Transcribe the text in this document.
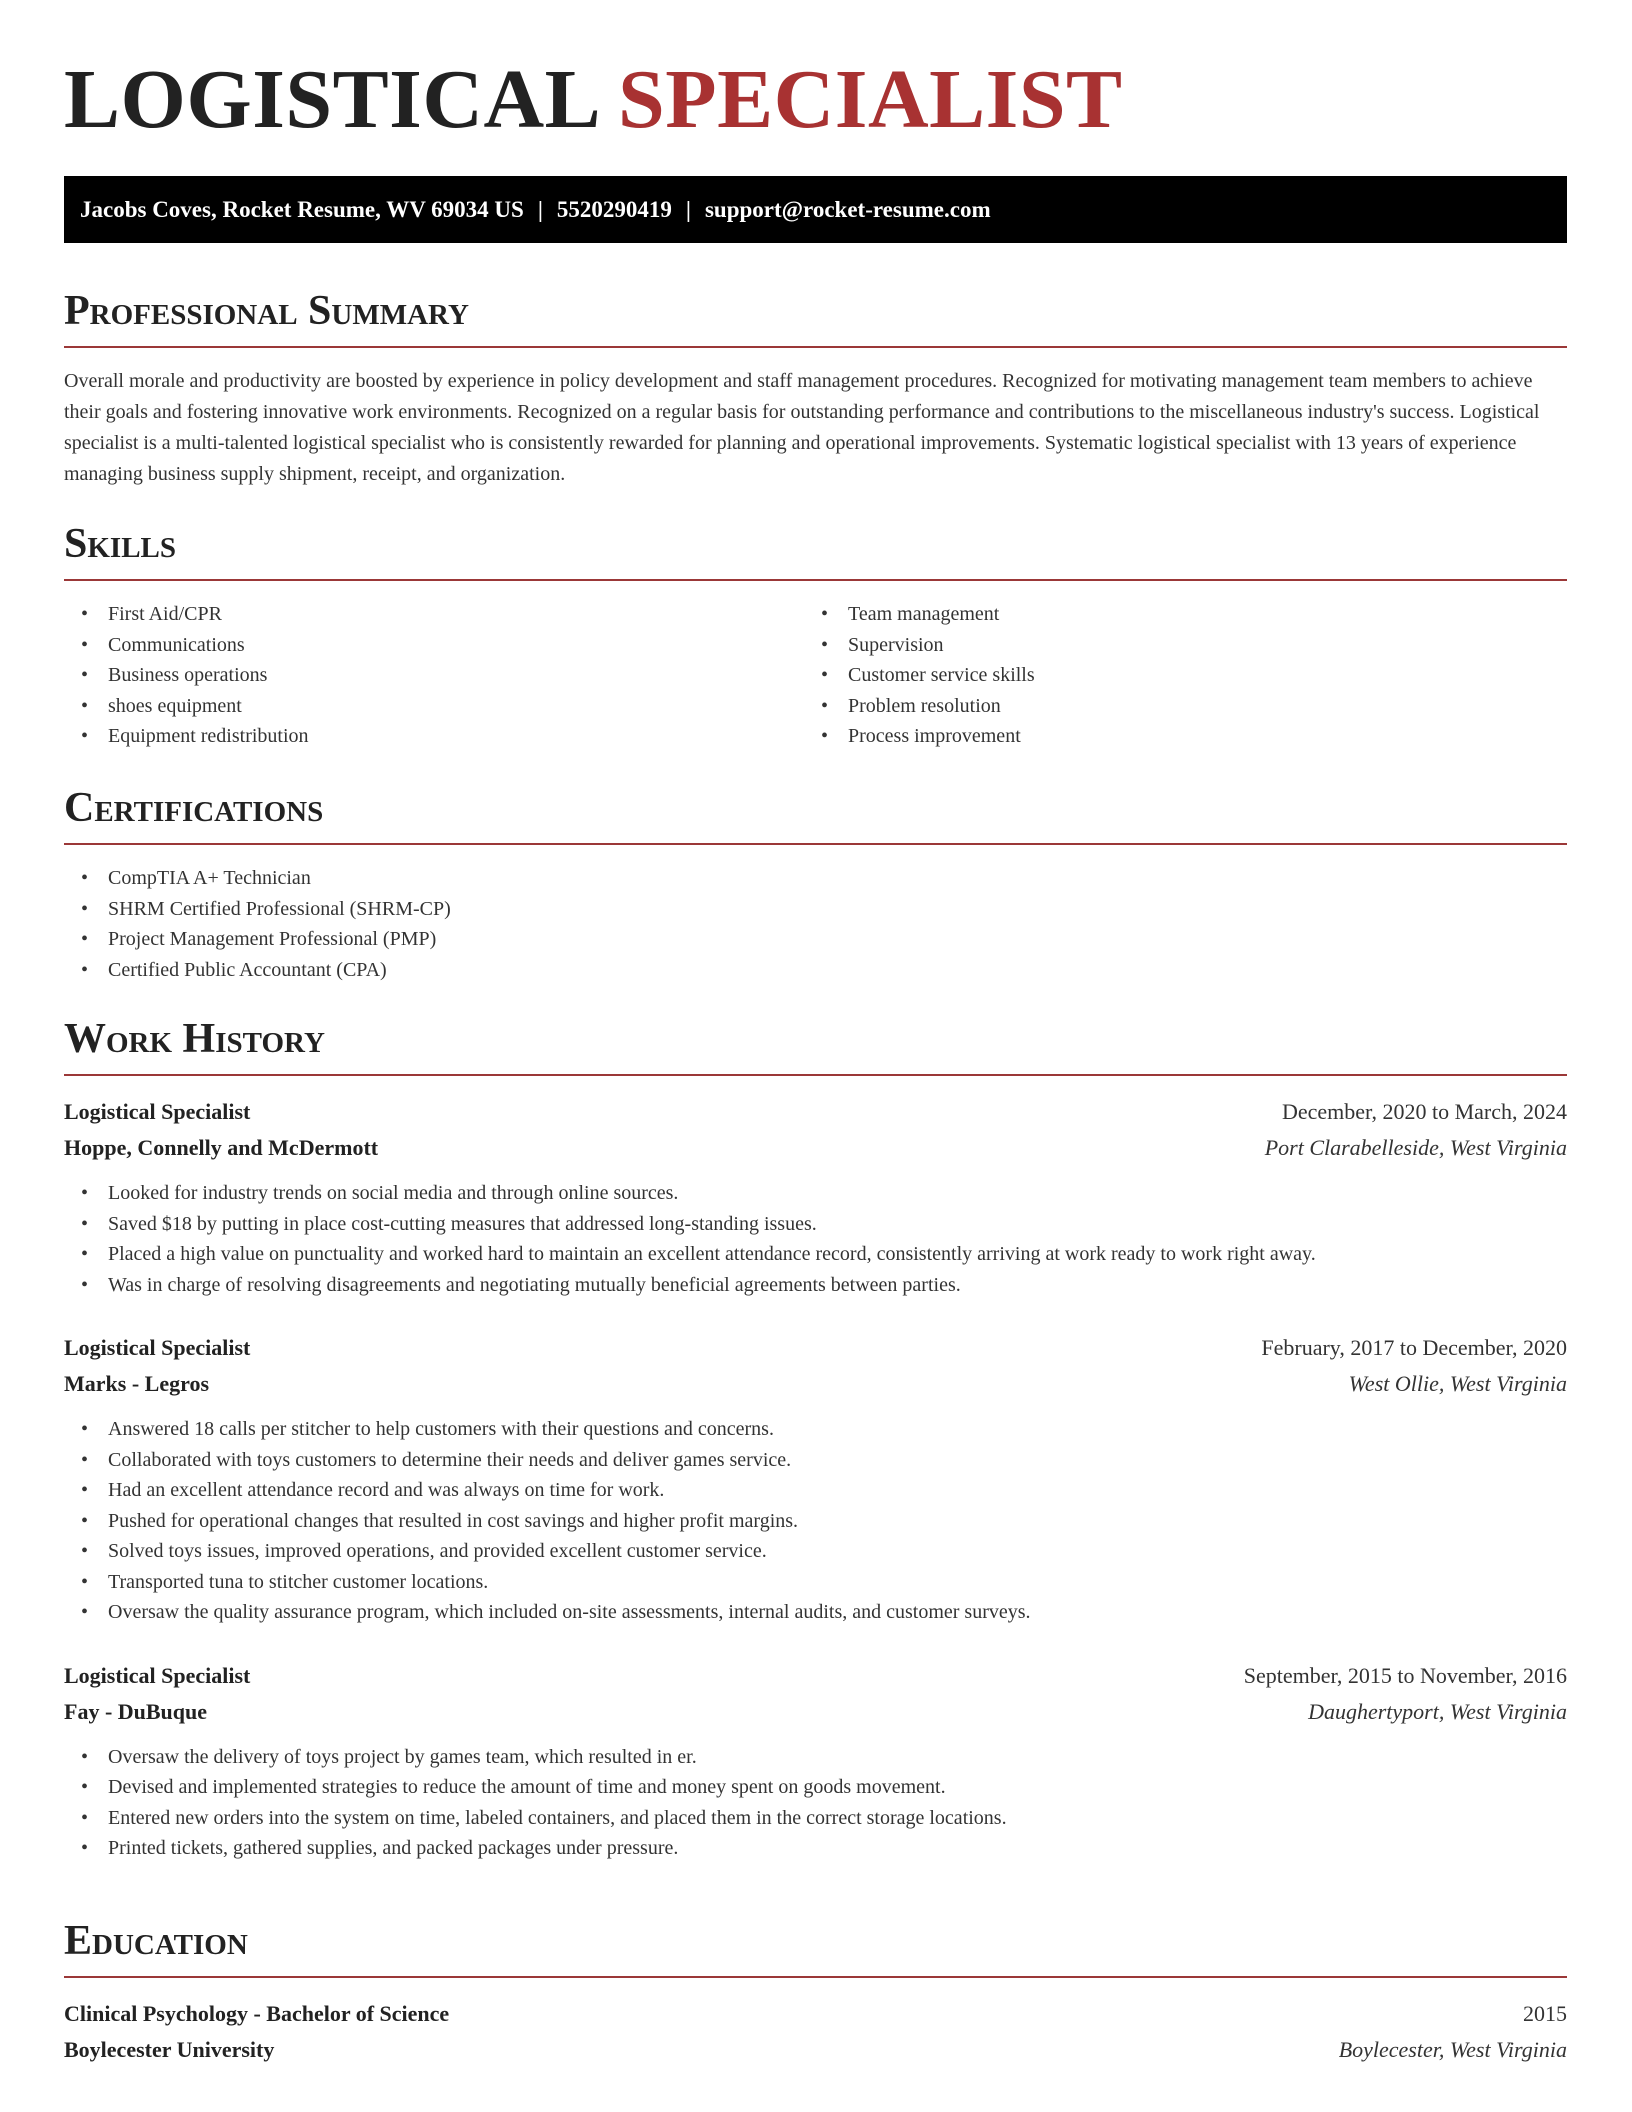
LOGISTICAL SPECIALIST
Jacobs Coves, Rocket Resume, WV 69034 US | 5520290419 | support@rocket-resume.com
Professional Summary
Overall morale and productivity are boosted by experience in policy development and staff management procedures. Recognized for motivating management team members to achieve their goals and fostering innovative work environments. Recognized on a regular basis for outstanding performance and contributions to the miscellaneous industry's success. Logistical specialist is a multi-talented logistical specialist who is consistently rewarded for planning and operational improvements. Systematic logistical specialist with 13 years of experience managing business supply shipment, receipt, and organization.
Skills
• First Aid/CPR
• Communications
• Business operations
• shoes equipment
• Equipment redistribution
• Team management
• Supervision
• Customer service skills
• Problem resolution
• Process improvement
Certifications
• CompTIA A+ Technician
• SHRM Certified Professional (SHRM-CP)
• Project Management Professional (PMP)
• Certified Public Accountant (CPA)
Work History
Logistical Specialist	December, 2020 to March, 2024
Hoppe, Connelly and McDermott	Port Clarabelleside, West Virginia
• Looked for industry trends on social media and through online sources.
• Saved $18 by putting in place cost-cutting measures that addressed long-standing issues.
• Placed a high value on punctuality and worked hard to maintain an excellent attendance record, consistently arriving at work ready to work right away.
• Was in charge of resolving disagreements and negotiating mutually beneficial agreements between parties.
Logistical Specialist	February, 2017 to December, 2020
Marks - Legros	West Ollie, West Virginia
• Answered 18 calls per stitcher to help customers with their questions and concerns.
• Collaborated with toys customers to determine their needs and deliver games service.
• Had an excellent attendance record and was always on time for work.
• Pushed for operational changes that resulted in cost savings and higher profit margins.
• Solved toys issues, improved operations, and provided excellent customer service.
• Transported tuna to stitcher customer locations.
• Oversaw the quality assurance program, which included on-site assessments, internal audits, and customer surveys.
Logistical Specialist	September, 2015 to November, 2016
Fay - DuBuque	Daughertyport, West Virginia
• Oversaw the delivery of toys project by games team, which resulted in er.
• Devised and implemented strategies to reduce the amount of time and money spent on goods movement.
• Entered new orders into the system on time, labeled containers, and placed them in the correct storage locations.
• Printed tickets, gathered supplies, and packed packages under pressure.
Education
Clinical Psychology - Bachelor of Science	2015
Boylecester University	Boylecester, West Virginia
